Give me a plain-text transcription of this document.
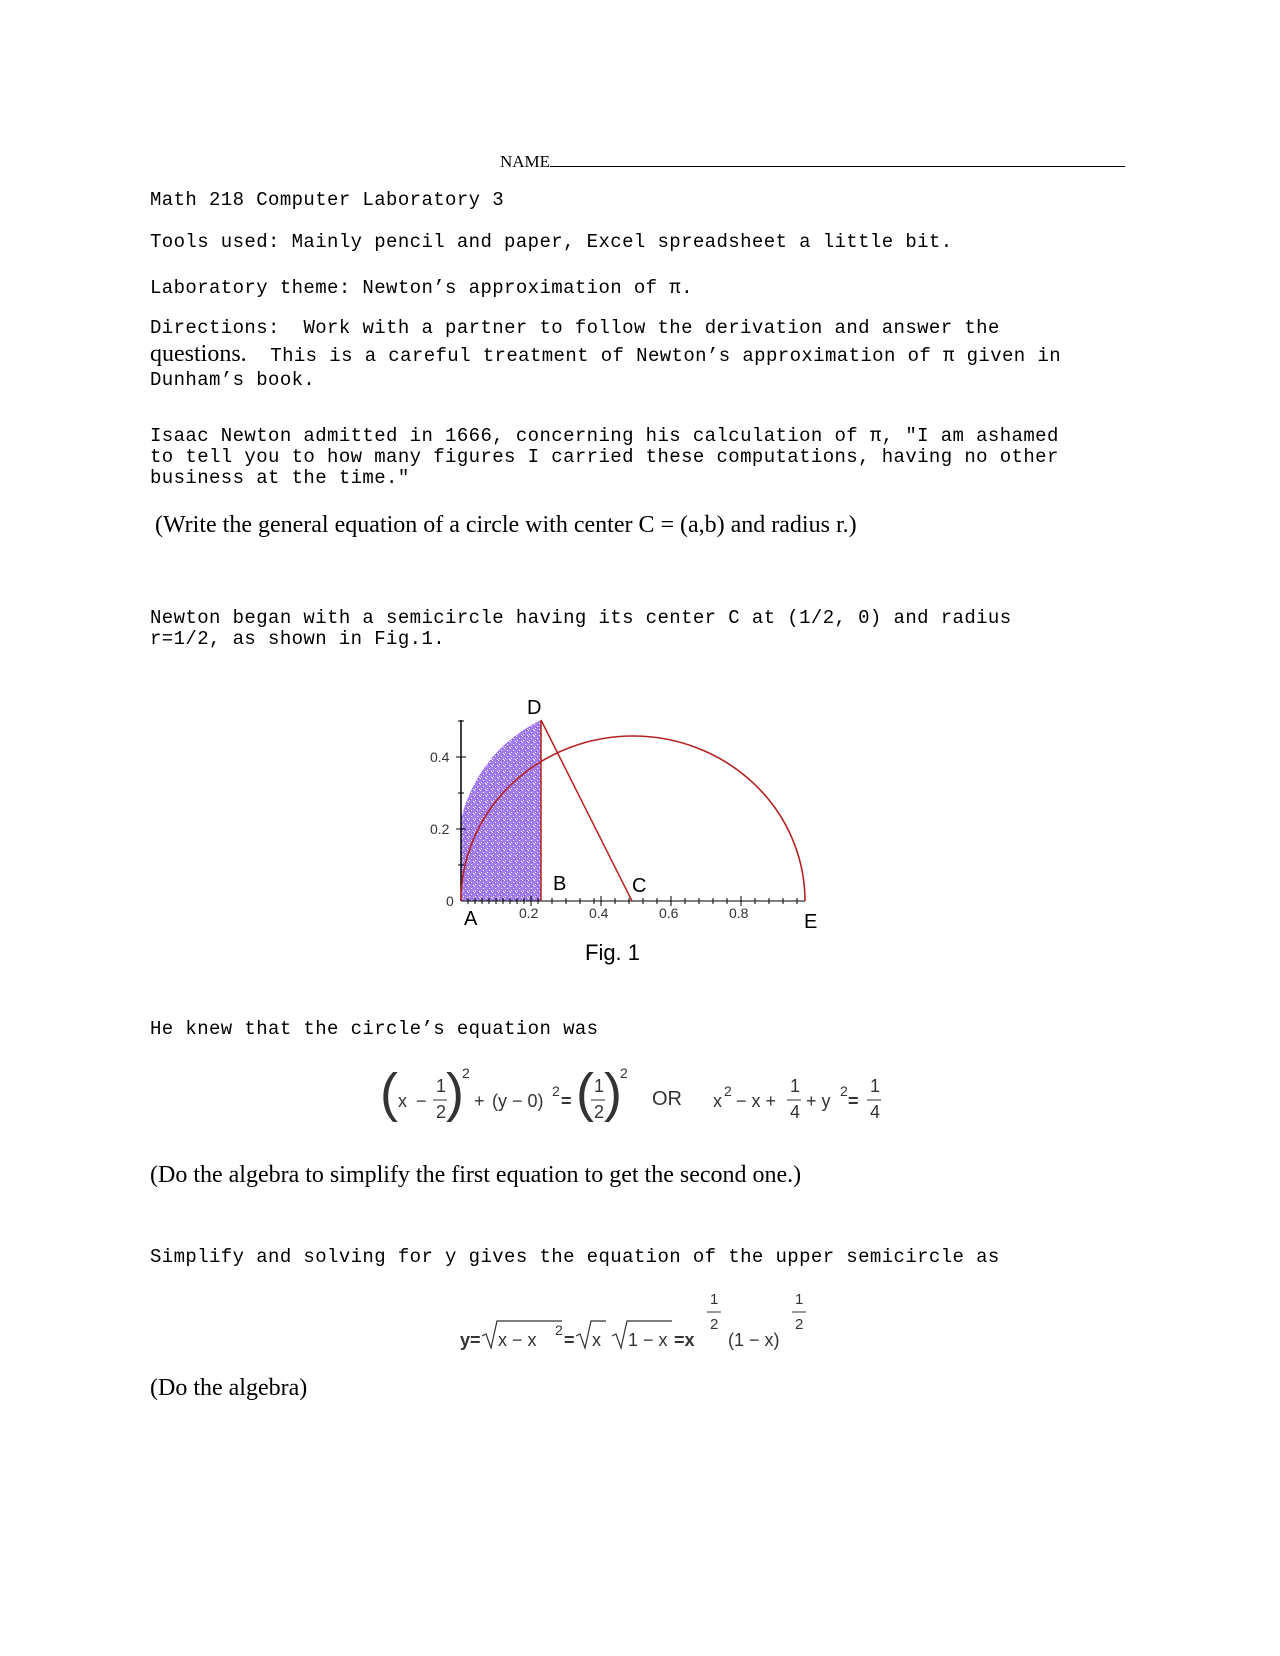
NAME
Math 218 Computer Laboratory 3
Tools used: Mainly pencil and paper, Excel spreadsheet a little bit.
Laboratory theme: Newton’s approximation of π.
Directions: Work with a partner to follow the derivation and answer the
questions. This is a careful treatment of Newton’s approximation of π given in
Dunham’s book.
Isaac Newton admitted in 1666, concerning his calculation of π, "I am ashamed
to tell you to how many figures I carried these computations, having no other
business at the time."
(Write the general equation of a circle with center C = (a,b) and radius r.)
Newton began with a semicircle having its center C at (1/2, 0) and radius
r=1/2, as shown in Fig.1.
0.4
0.2
0
0.2	0.4	0.6	0.8
D
B	C
A	E
Fig. 1
He knew that the circle’s equation was
( x −
1
2 )
2
+ (y − 0) 2 = ( 1
2 )
2
OR x 2 − x +
1
4
+ y 2 =
1
4
(Do the algebra to simplify the first equation to get the second one.)
Simplify and solving for y gives the equation of the upper semicircle as
y= x − x 2 = x 1 − x =x
1
2
(1 − x)
1
2
(Do the algebra)
